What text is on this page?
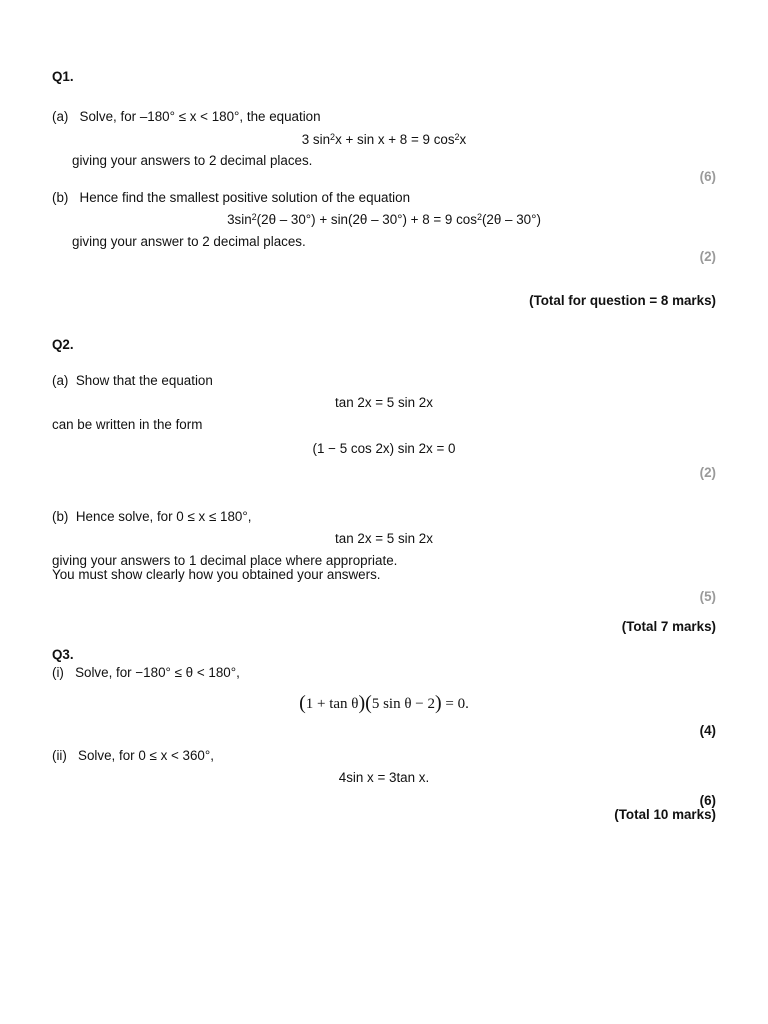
Q1.
(a) Solve, for –180° ≤ x < 180°, the equation
3 $\sin^2x + \sin x + 8 = 9$ $\cos^2x$
giving your answers to 2 decimal places.
(6)
(b) Hence find the smallest positive solution of the equation
$3\sin^2(2\theta - 30^\circ) + \sin(2\theta - 30^\circ) + 8 = 9$ $\cos^2(2\theta - 30^\circ)$
giving your answer to 2 decimal places.
(2)
(Total for question = 8 marks)
Q2.
(a) Show that the equation
tan 2x = 5 sin 2x
can be written in the form
(1 − 5 cos 2x) sin 2x = 0
(2)
(b) Hence solve, for 0 ≤ x ≤ 180°,
tan 2x = 5 sin 2x
giving your answers to 1 decimal place where appropriate.
You must show clearly how you obtained your answers.
(5)
(Total 7 marks)
Q3.
(i) Solve, for −180° ≤ θ < 180°,
(1 + tan θ)(5 sin θ − 2) = 0.
(4)
(ii) Solve, for 0 ≤ x < 360°,
4sin x = 3tan x.
(6)
(Total 10 marks)
